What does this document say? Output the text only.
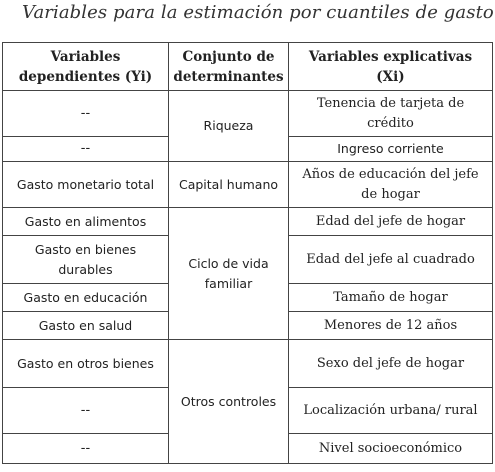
Variables para la estimación por cuantiles de gasto
Variables dependientes (Yi)	Conjunto de determinantes	Variables explicativas (Xi)
--	Riqueza	Tenencia de tarjeta de crédito
--		Ingreso corriente
Gasto monetario total	Capital humano	Años de educación del jefe de hogar
Gasto en alimentos	Ciclo de vida familiar	Edad del jefe de hogar
Gasto en bienes durables		Edad del jefe al cuadrado
Gasto en educación		Tamaño de hogar
Gasto en salud		Menores de 12 años
Gasto en otros bienes	Otros controles	Sexo del jefe de hogar
--		Localización urbana/ rural
--		Nivel socioeconómico
